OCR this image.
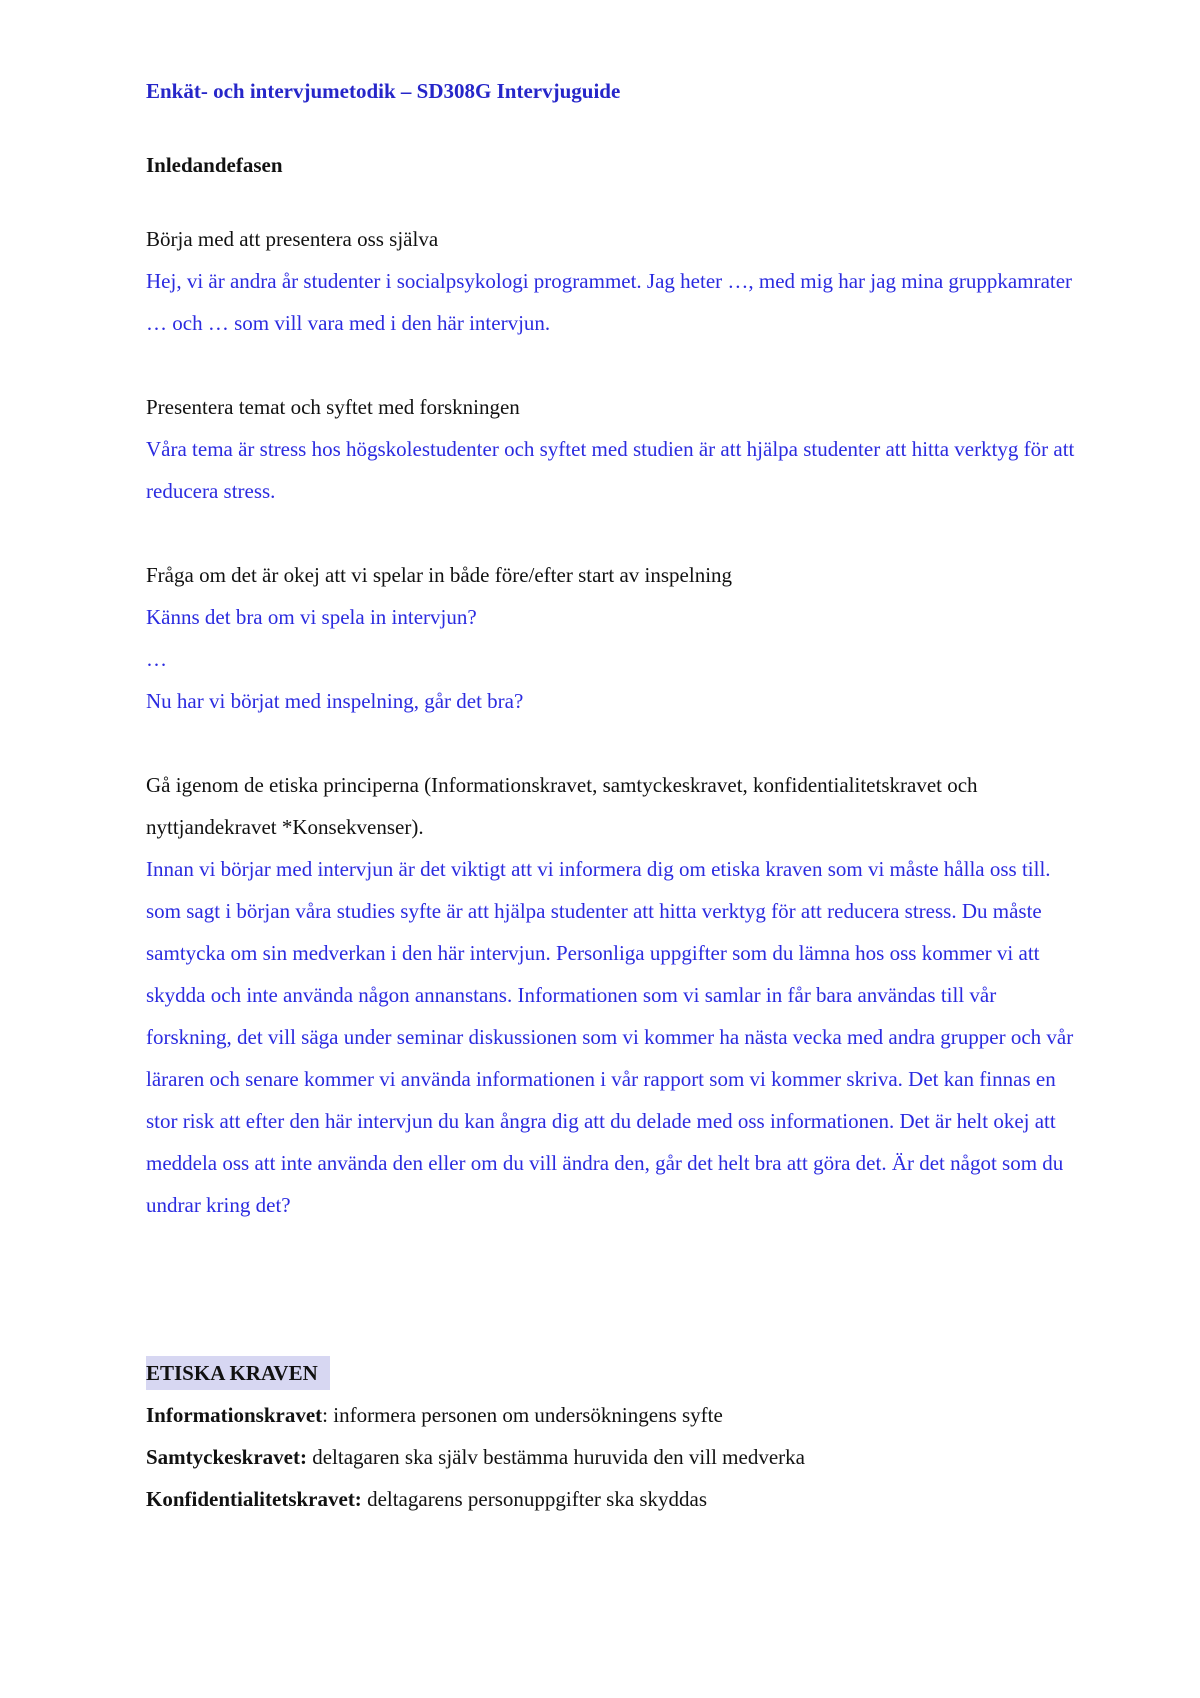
Enkät- och intervjumetodik – SD308G Intervjuguide

Inledandefasen

Börja med att presentera oss själva

Hej, vi är andra år studenter i socialpsykologi programmet. Jag heter …, med mig har jag mina gruppkamrater … och … som vill vara med i den här intervjun.

Presentera temat och syftet med forskningen

Våra tema är stress hos högskolestudenter och syftet med studien är att hjälpa studenter att hitta verktyg för att reducera stress.

Fråga om det är okej att vi spelar in både före/efter start av inspelning

Känns det bra om vi spela in intervjun?

…

Nu har vi börjat med inspelning, går det bra?

Gå igenom de etiska principerna (Informationskravet, samtyckeskravet, konfidentialitetskravet och nyttjandekravet *Konsekvenser).

Innan vi börjar med intervjun är det viktigt att vi informera dig om etiska kraven som vi måste hålla oss till. som sagt i början våra studies syfte är att hjälpa studenter att hitta verktyg för att reducera stress. Du måste samtycka om sin medverkan i den här intervjun. Personliga uppgifter som du lämna hos oss kommer vi att skydda och inte använda någon annanstans. Informationen som vi samlar in får bara användas till vår forskning, det vill säga under seminar diskussionen som vi kommer ha nästa vecka med andra grupper och vår läraren och senare kommer vi använda informationen i vår rapport som vi kommer skriva. Det kan finnas en stor risk att efter den här intervjun du kan ångra dig att du delade med oss informationen. Det är helt okej att meddela oss att inte använda den eller om du vill ändra den, går det helt bra att göra det. Är det något som du undrar kring det?

ETISKA KRAVEN

Informationskravet: informera personen om undersökningens syfte

Samtyckeskravet: deltagaren ska själv bestämma huruvida den vill medverka

Konfidentialitetskravet: deltagarens personuppgifter ska skyddas
